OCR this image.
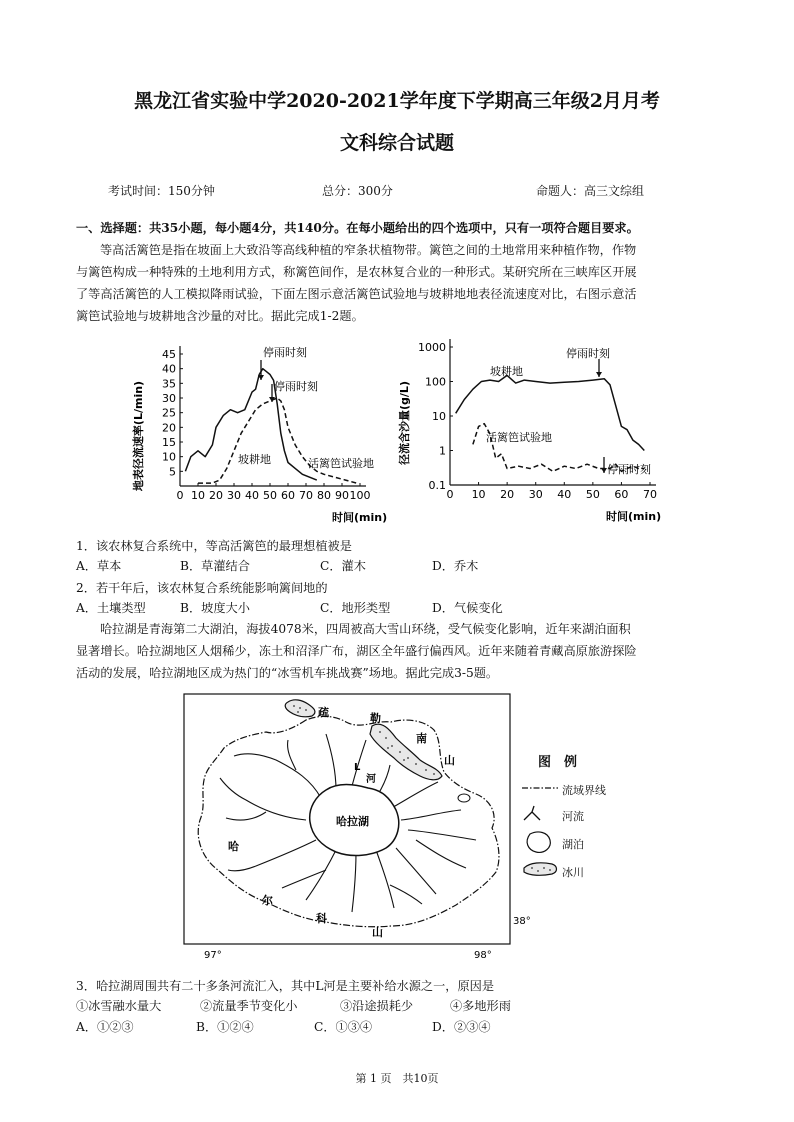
黑龙江省实验中学2020-2021学年度下学期高三年级2月月考
文科综合试题
考试时间：150分钟	总分：300分	命题人：高三文综组
一、选择题：共35小题，每小题4分，共140分。在每小题给出的四个选项中，只有一项符合题目要求。
等高活篱笆是指在坡面上大致沿等高线种植的窄条状植物带。篱笆之间的土地常用来种植作物，作物
与篱笆构成一种特殊的土地利用方式，称篱笆间作，是农林复合业的一种形式。某研究所在三峡库区开展
了等高活篱笆的人工模拟降雨试验，下面左图示意活篱笆试验地与坡耕地地表径流速度对比，右图示意活
篱笆试验地与坡耕地含沙量的对比。据此完成1-2题。
0 10 20 30 40 50 60 70 80 90 100
5
10
15
20
25
30
35
40
45	停雨时刻
停雨时刻
坡耕地	活篱笆试验地
时间(min)
地表径流速率(L/min)
0 10 20 30 40 50 60 70
0.1
1
10
100
1000	停雨时刻
停雨时刻
坡耕地
活篱笆试验地
时间(min)
径流含沙量(g/L)
1．该农林复合系统中，等高活篱笆的最理想植被是
A．草本	B．草灌结合	C．灌木	D．乔木
2．若干年后，该农林复合系统能影响篱间地的
A．土壤类型	B．坡度大小	C．地形类型	D．气候变化
哈拉湖是青海第二大湖泊，海拔4078米，四周被高大雪山环绕，受气候变化影响，近年来湖泊面积
显著增长。哈拉湖地区人烟稀少，冻土和沼泽广布，湖区全年盛行偏西风。近年来随着青藏高原旅游探险
活动的发展，哈拉湖地区成为热门的“冰雪机车挑战赛”场地。据此完成3-5题。
哈拉湖
L
河
疏	勒
南
山
哈
尔
科
山
97°	98°
38°
图　例
流域界线
河流
湖泊
冰川
3．哈拉湖周围共有二十多条河流汇入，其中L河是主要补给水源之一，原因是
①冰雪融水量大	②流量季节变化小	③沿途损耗少	④多地形雨
A．①②③	B．①②④	C．①③④	D．②③④
第 1 页　共10页
